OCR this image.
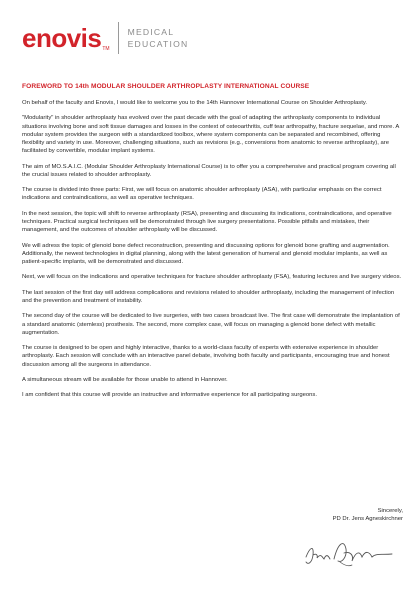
enovis TM
MEDICAL
EDUCATION
FOREWORD TO 14th MODULAR SHOULDER ARTHROPLASTY INTERNATIONAL COURSE

On behalf of the faculty and Enovis, I would like to welcome you to the 14th Hannover International Course on Shoulder Arthroplasty.

"Modularity" in shoulder arthroplasty has evolved over the past decade with the goal of adapting the arthroplasty components to individual situations involving bone and soft tissue damages and losses in the context of osteoarthritis, cuff tear arthropathy, fracture sequelae, and more. A modular system provides the surgeon with a standardized toolbox, where system components can be separated and recombined, offering flexibility and variety in use. Moreover, challenging situations, such as revisions (e.g., conversions from anatomic to reverse arthroplasty), are facilitated by convertible, modular implant systems.

The aim of MO.S.A.I.C. (Modular Shoulder Arthroplasty International Course) is to offer you a comprehensive and practical program covering all the crucial issues related to shoulder arthroplasty.

The course is divided into three parts: First, we will focus on anatomic shoulder arthroplasty (ASA), with particular emphasis on the correct indications and contraindications, as well as operative techniques.

In the next session, the topic will shift to reverse arthroplasty (RSA), presenting and discussing its indications, contraindications, and operative techniques. Practical surgical techniques will be demonstrated through live surgery presentations. Possible pitfalls and mistakes, their management, and the outcomes of shoulder arthroplasty will be discussed.

We will adress the topic of glenoid bone defect reconstruction, presenting and discussing options for glenoid bone grafting and augmentation. Additionally, the newest technologies in digital planning, along with the latest generation of humeral and glenoid modular implants, as well as patient-specific implants, will be demonstrated and discussed.

Next, we will focus on the indications and operative techniques for fracture shoulder arthroplasty (FSA), featuring lectures and live surgery videos.

The last session of the first day will address complications and revisions related to shoulder arthroplasty, including the management of infection and the prevention and treatment of instability.

The second day of the course will be dedicated to live surgeries, with two cases broadcast live. The first case will demonstrate the implantation of a standard anatomic (stemless) prosthesis. The second, more complex case, will focus on managing a glenoid bone defect with metallic augmentation.

The course is designed to be open and highly interactive, thanks to a world-class faculty of experts with extensive experience in shoulder arthroplasty. Each session will conclude with an interactive panel debate, involving both faculty and participants, encouraging true and honest discussion among all the surgeons in attendance.

A simultaneous stream will be available for those unable to attend in Hannover.

I am confident that this course will provide an instructive and informative experience for all participating surgeons.

Sincerely,
PD Dr. Jens Agneskirchner
